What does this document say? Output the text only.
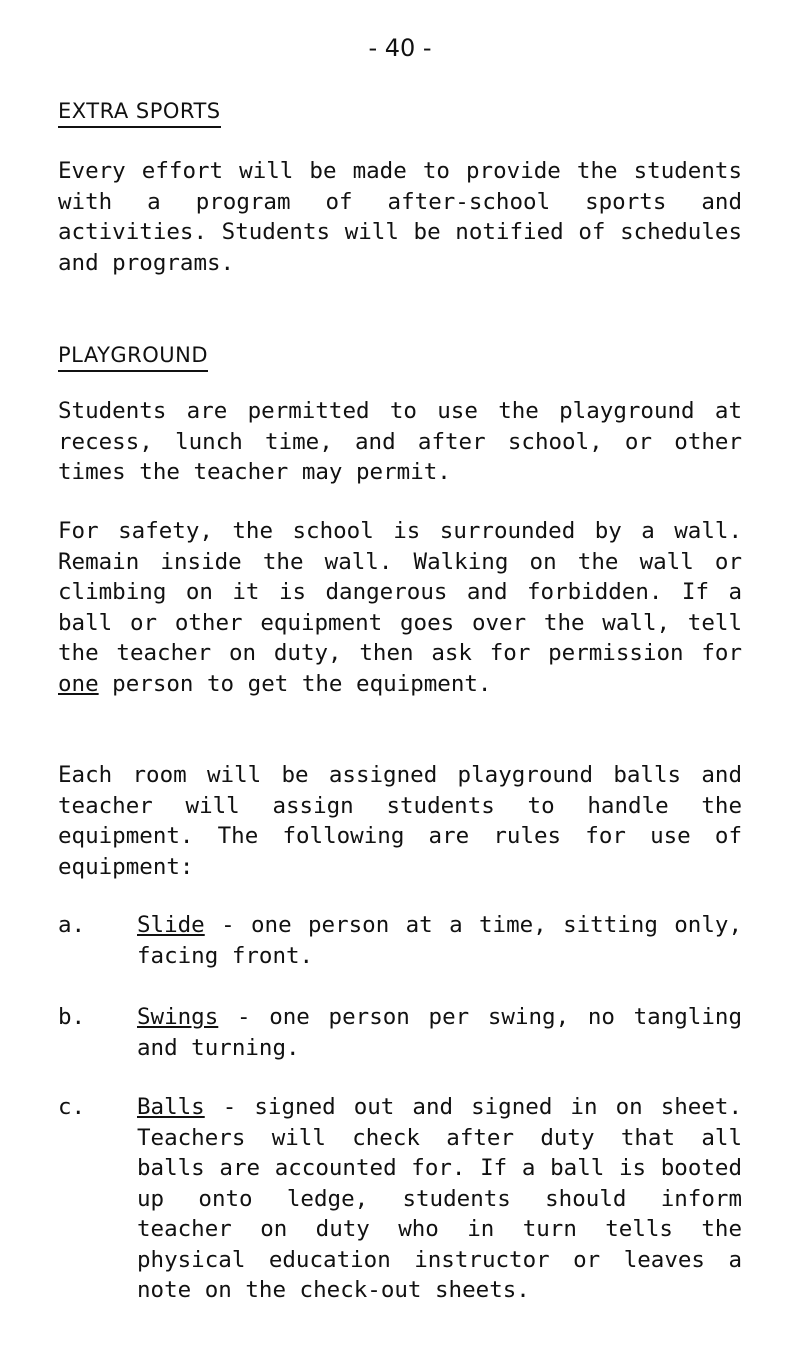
- 40 -
EXTRA SPORTS

Every effort will be made to provide the students with a program of after-school sports and activities. Students will be notified of schedules and programs.

PLAYGROUND

Students are permitted to use the playground at recess, lunch time, and after school, or other times the teacher may permit.

For safety, the school is surrounded by a wall. Remain inside the wall. Walking on the wall or climbing on it is dangerous and forbidden. If a ball or other equipment goes over the wall, tell the teacher on duty, then ask for permission for one person to get the equipment.

Each room will be assigned playground balls and teacher will assign students to handle the equipment. The following are rules for use of equipment:

a. Slide - one person at a time, sitting only, facing front.

b. Swings - one person per swing, no tangling and turning.

c. Balls - signed out and signed in on sheet. Teachers will check after duty that all balls are accounted for. If a ball is booted up onto ledge, students should inform teacher on duty who in turn tells the physical education instructor or leaves a note on the check-out sheets.
